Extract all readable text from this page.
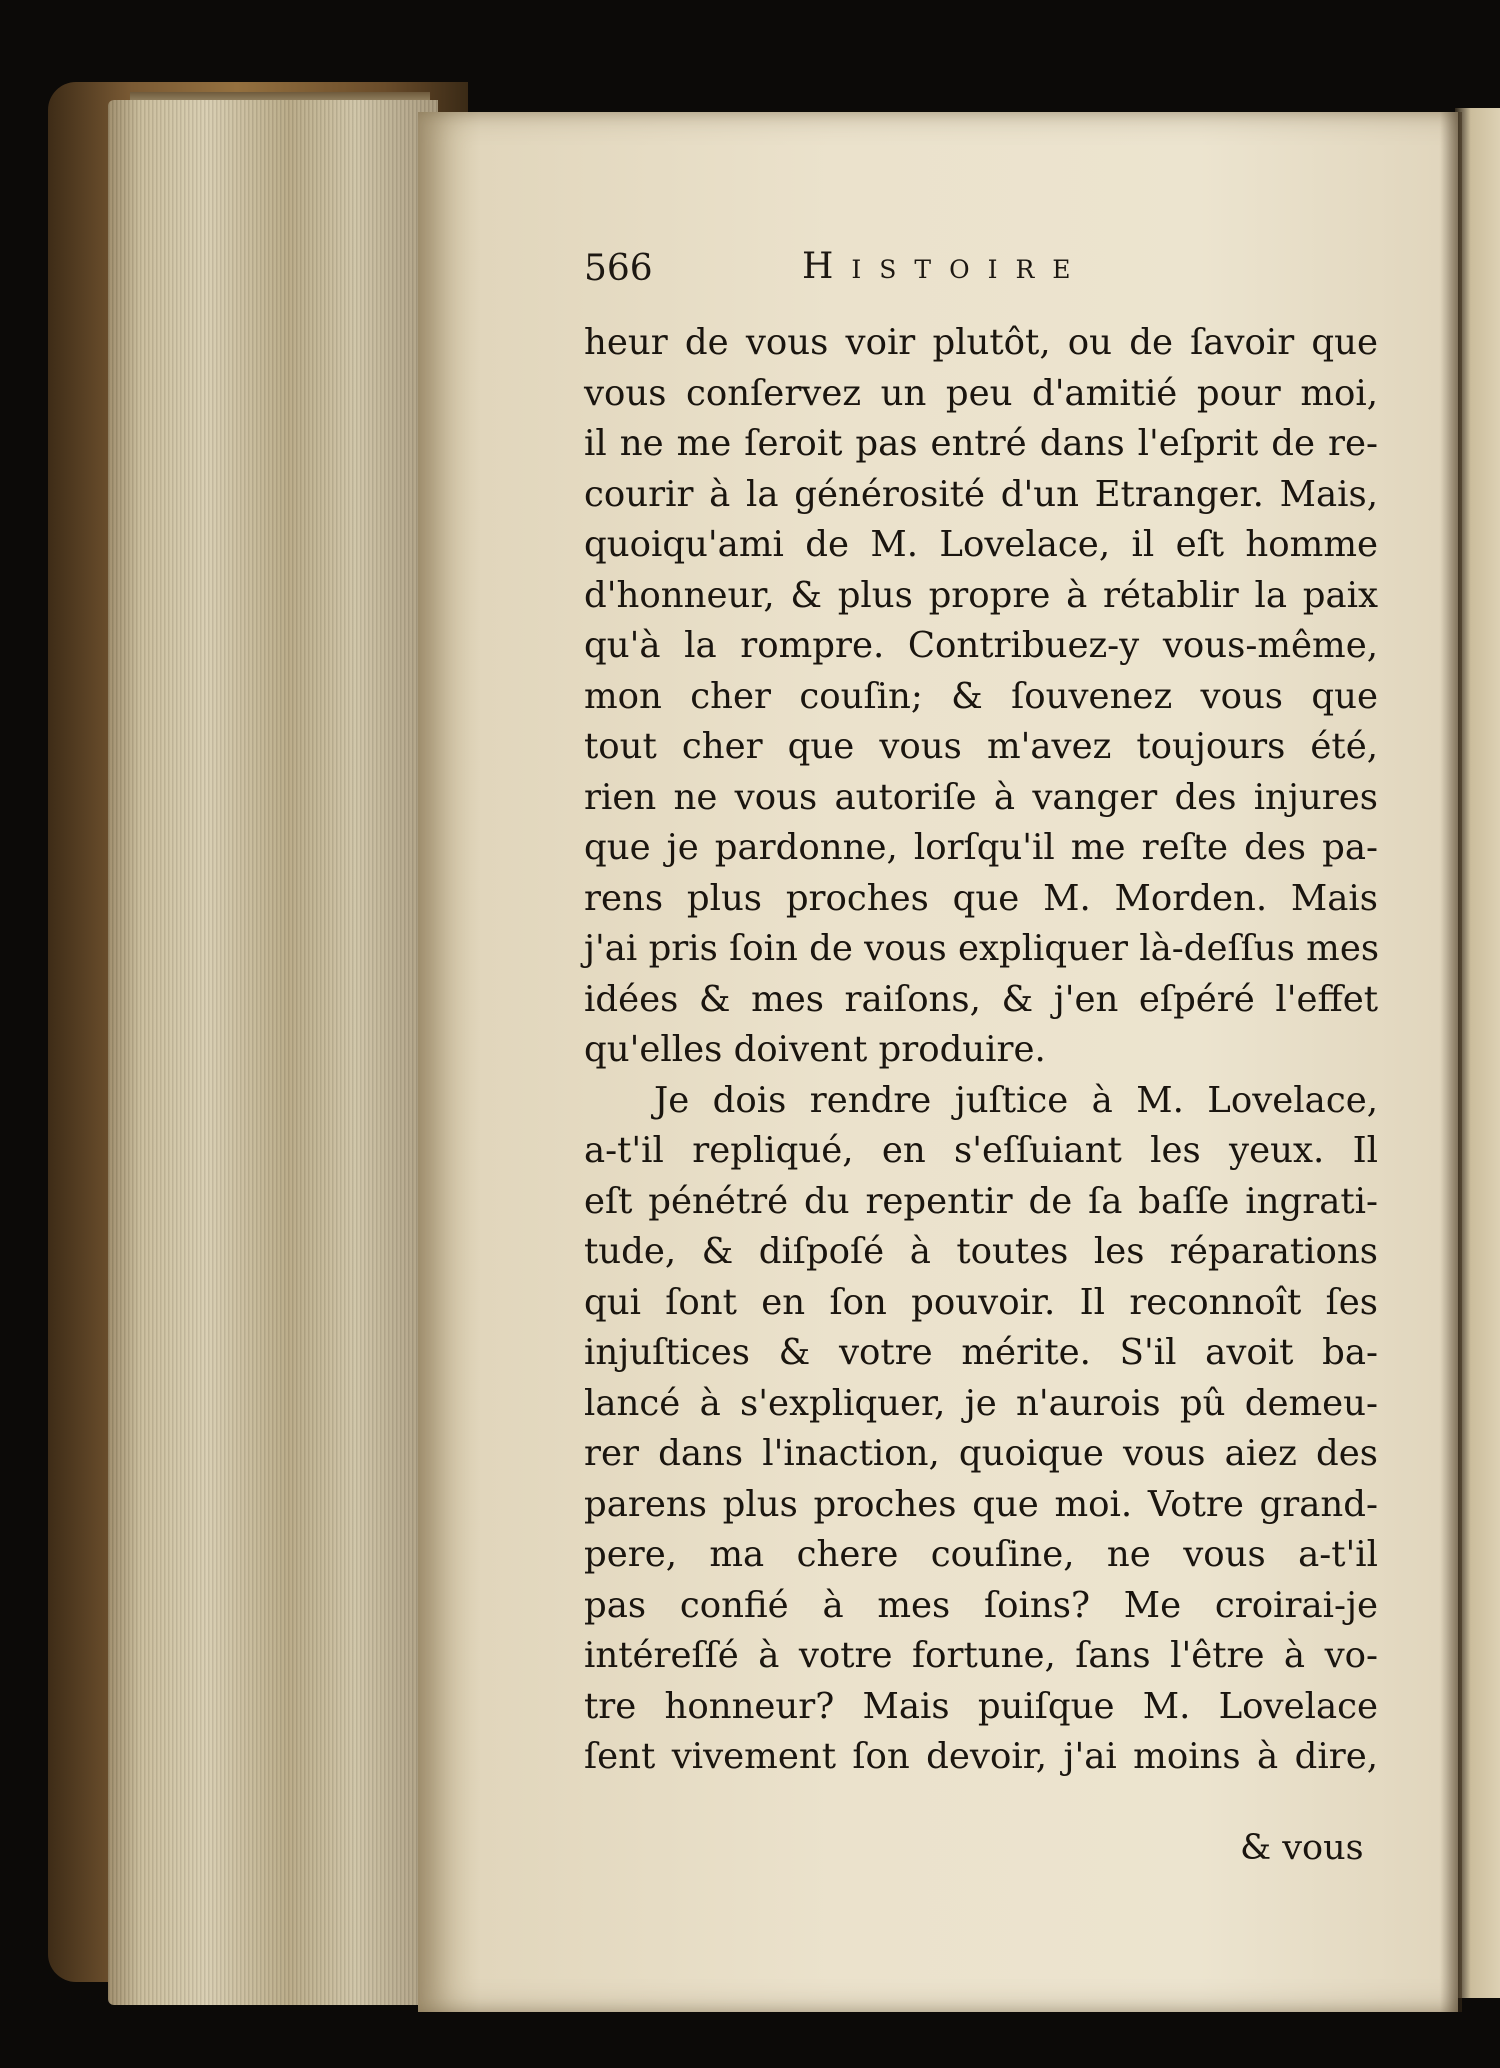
566	Histoire
heur de vous voir plutôt, ou de ſavoir que
vous conſervez un peu d'amitié pour moi,
il ne me ſeroit pas entré dans l'eſprit de re-
courir à la générosité d'un Etranger. Mais,
quoiqu'ami de M. Lovelace, il eſt homme
d'honneur, & plus propre à rétablir la paix
qu'à la rompre. Contribuez-y vous-même,
mon cher couſin; & ſouvenez vous que
tout cher que vous m'avez toujours été,
rien ne vous autoriſe à vanger des injures
que je pardonne, lorſqu'il me reſte des pa-
rens plus proches que M. Morden. Mais
j'ai pris ſoin de vous expliquer là-deſſus mes
idées & mes raiſons, & j'en eſpéré l'effet
qu'elles doivent produire.
Je dois rendre juſtice à M. Lovelace,
a-t'il repliqué, en s'eſſuiant les yeux. Il
eſt pénétré du repentir de ſa baſſe ingrati-
tude, & diſpoſé à toutes les réparations
qui ſont en ſon pouvoir. Il reconnoît ſes
injuſtices & votre mérite. S'il avoit ba-
lancé à s'expliquer, je n'aurois pû demeu-
rer dans l'inaction, quoique vous aiez des
parens plus proches que moi. Votre grand-
pere, ma chere couſine, ne vous a-t'il
pas confié à mes ſoins? Me croirai-je
intéreſſé à votre fortune, ſans l'être à vo-
tre honneur? Mais puiſque M. Lovelace
ſent vivement ſon devoir, j'ai moins à dire,
& vous
